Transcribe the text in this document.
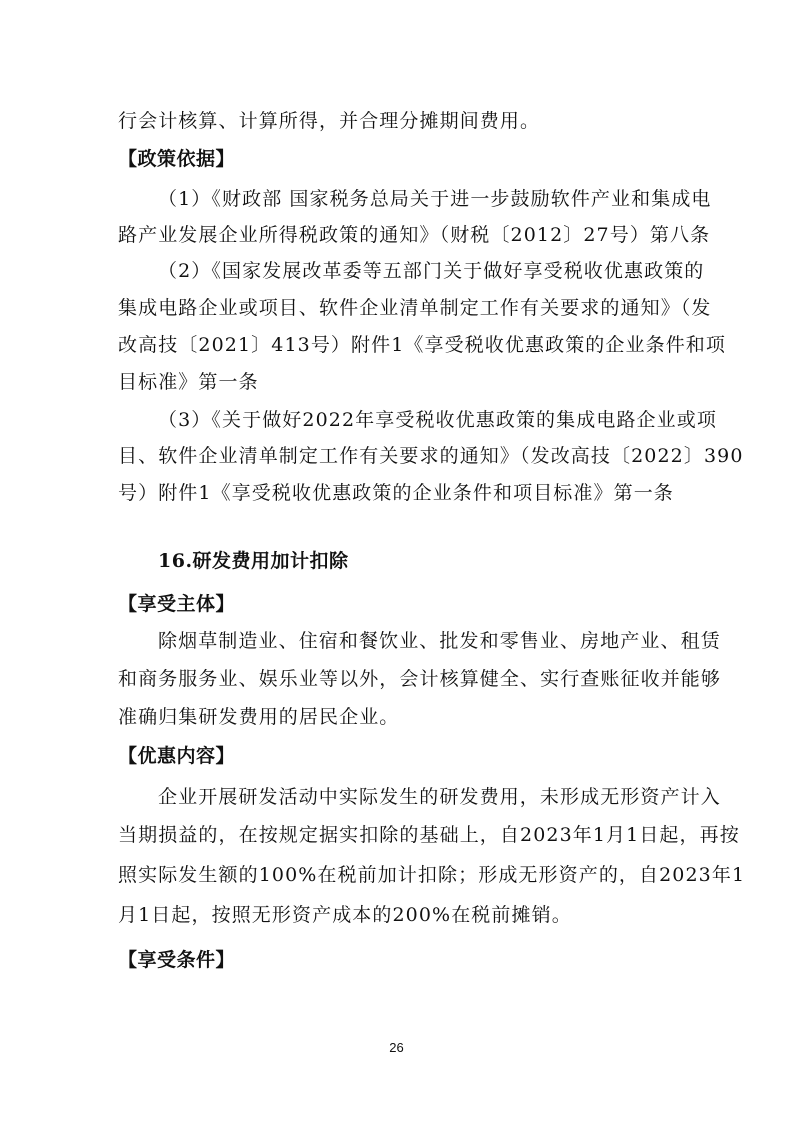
行会计核算、计算所得，并合理分摊期间费用。

【政策依据】

（1）《财政部 国家税务总局关于进一步鼓励软件产业和集成电

路产业发展企业所得税政策的通知》（财税〔2012〕27号）第八条

（2）《国家发展改革委等五部门关于做好享受税收优惠政策的

集成电路企业或项目、软件企业清单制定工作有关要求的通知》（发

改高技〔2021〕413号）附件1《享受税收优惠政策的企业条件和项

目标准》第一条

（3）《关于做好2022年享受税收优惠政策的集成电路企业或项

目、软件企业清单制定工作有关要求的通知》（发改高技〔2022〕390

号）附件1《享受税收优惠政策的企业条件和项目标准》第一条

16.研发费用加计扣除

【享受主体】

除烟草制造业、住宿和餐饮业、批发和零售业、房地产业、租赁

和商务服务业、娱乐业等以外，会计核算健全、实行查账征收并能够

准确归集研发费用的居民企业。

【优惠内容】

企业开展研发活动中实际发生的研发费用，未形成无形资产计入

当期损益的，在按规定据实扣除的基础上，自2023年1月1日起，再按

照实际发生额的100%在税前加计扣除；形成无形资产的，自2023年1

月1日起，按照无形资产成本的200%在税前摊销。

【享受条件】

26
